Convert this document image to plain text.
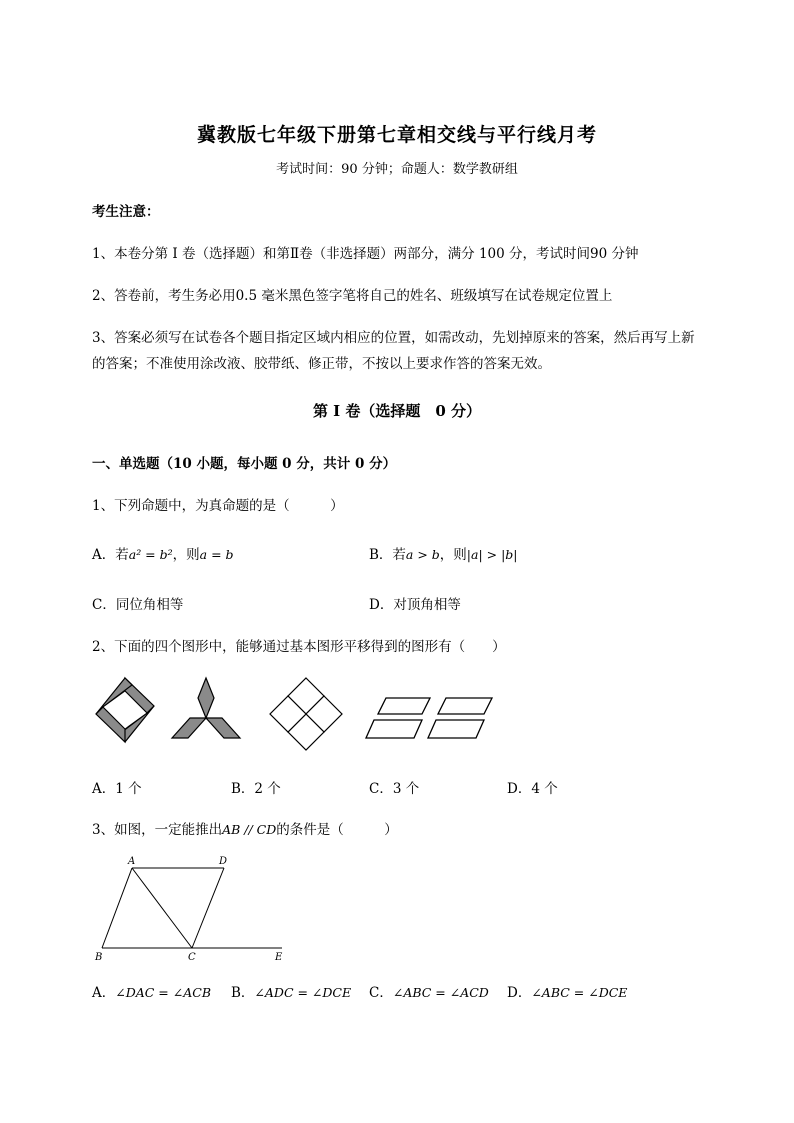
冀教版七年级下册第七章相交线与平行线月考
考试时间：90 分钟；命题人：数学教研组
考生注意：
1、本卷分第 I 卷（选择题）和第Ⅱ卷（非选择题）两部分，满分 100 分，考试时间90 分钟
2、答卷前，考生务必用0.5 毫米黑色签字笔将自己的姓名、班级填写在试卷规定位置上
3、答案必须写在试卷各个题目指定区域内相应的位置，如需改动，先划掉原来的答案，然后再写上新
的答案；不准使用涂改液、胶带纸、修正带，不按以上要求作答的答案无效。
第 I 卷（选择题　0 分）
一、单选题（10 小题，每小题 0 分，共计 0 分）
1、下列命题中，为真命题的是（　　　）
A．若a² = b²，则a = b	B．若a > b，则|a| > |b|
C．同位角相等	D．对顶角相等
2、下面的四个图形中，能够通过基本图形平移得到的图形有（　　）
A．1 个	B．2 个	C．3 个	D．4 个
3、如图，一定能推出AB // CD的条件是（　　　）
A	D
B	C	E
A．∠DAC = ∠ACB B．∠ADC = ∠DCE C．∠ABC = ∠ACD D．∠ABC = ∠DCE
